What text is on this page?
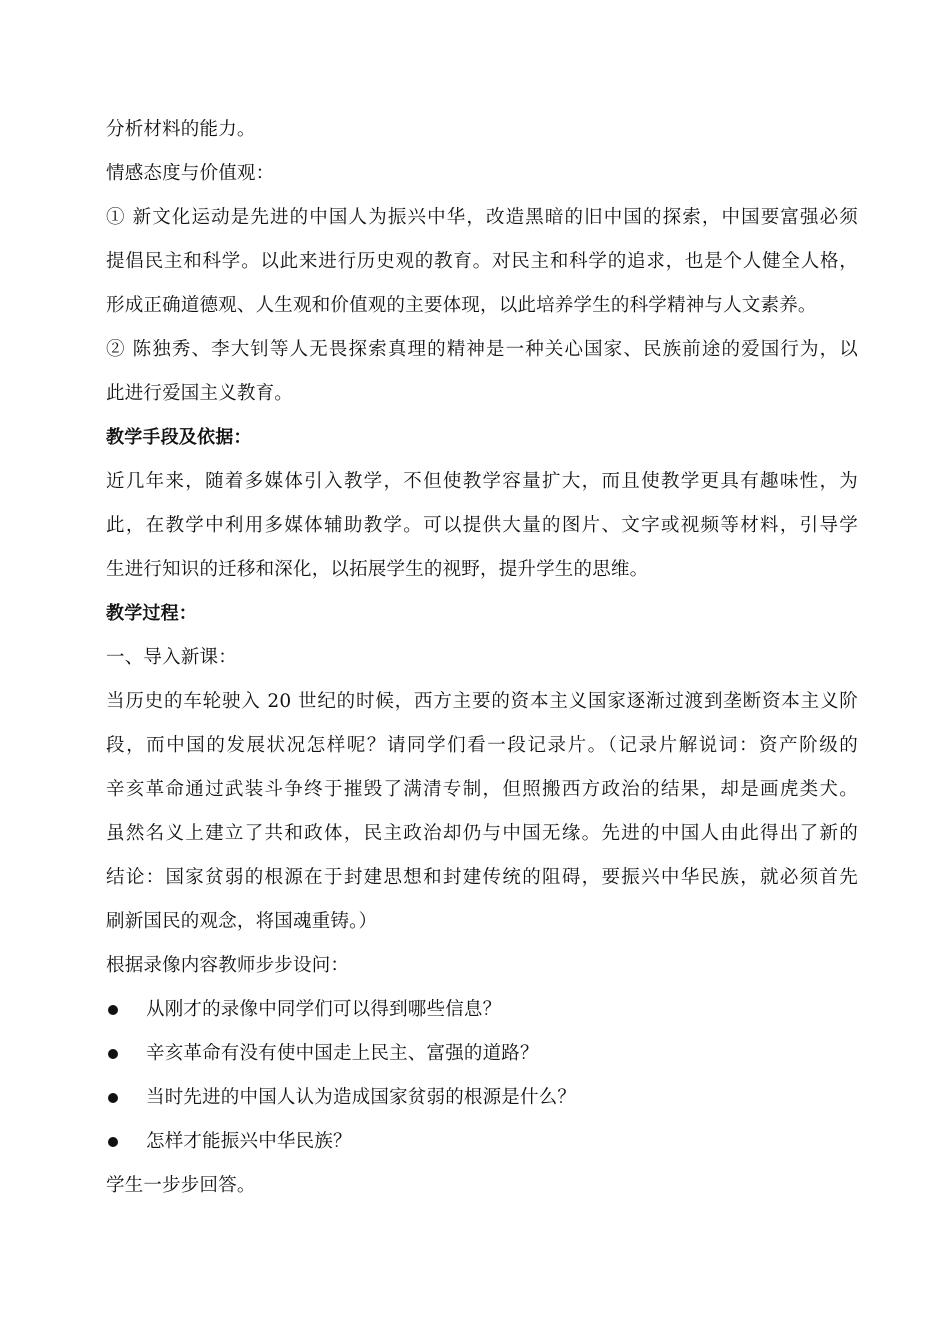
分析材料的能力。
情感态度与价值观：
① 新文化运动是先进的中国人为振兴中华，改造黑暗的旧中国的探索，中国要富强必须
提倡民主和科学。以此来进行历史观的教育。对民主和科学的追求，也是个人健全人格，
形成正确道德观、人生观和价值观的主要体现，以此培养学生的科学精神与人文素养。
② 陈独秀、李大钊等人无畏探索真理的精神是一种关心国家、民族前途的爱国行为，以
此进行爱国主义教育。
教学手段及依据：
近几年来，随着多媒体引入教学，不但使教学容量扩大，而且使教学更具有趣味性，为
此，在教学中利用多媒体辅助教学。可以提供大量的图片、文字或视频等材料，引导学
生进行知识的迁移和深化，以拓展学生的视野，提升学生的思维。
教学过程：
一、导入新课：
当历史的车轮驶入 20 世纪的时候，西方主要的资本主义国家逐渐过渡到垄断资本主义阶
段，而中国的发展状况怎样呢？请同学们看一段记录片。（记录片解说词：资产阶级的
辛亥革命通过武装斗争终于摧毁了满清专制，但照搬西方政治的结果，却是画虎类犬。
虽然名义上建立了共和政体，民主政治却仍与中国无缘。先进的中国人由此得出了新的
结论：国家贫弱的根源在于封建思想和封建传统的阻碍，要振兴中华民族，就必须首先
刷新国民的观念，将国魂重铸。）
根据录像内容教师步步设问：
从刚才的录像中同学们可以得到哪些信息？
辛亥革命有没有使中国走上民主、富强的道路？
当时先进的中国人认为造成国家贫弱的根源是什么？
怎样才能振兴中华民族？
学生一步步回答。
